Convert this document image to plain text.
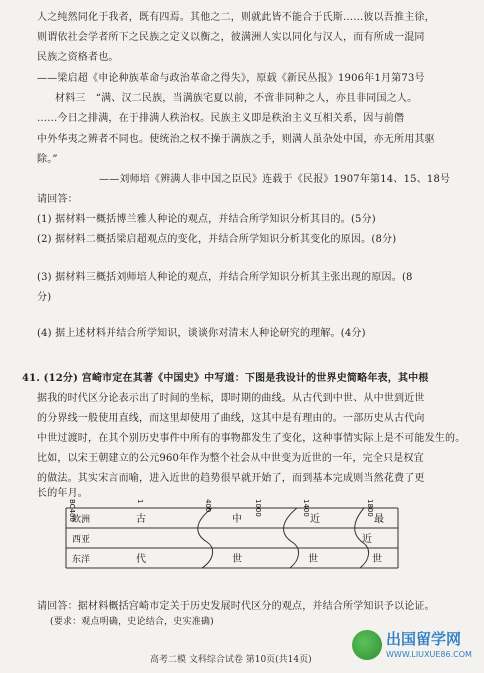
人之纯然同化于我者，既有四焉。其他之二，则就此皆不能合于氏斯……彼以吾推主徐，
则谓依社会学者所下之民族之定义以衡之，彼满洲人实以同化与汉人，而有所成一混同
民族之资格者也。
——梁启超《申论种族革命与政治革命之得失》，原载《新民丛报》1906年1月第73号
材料三　“满、汉二民族，当满族宅夏以前，不啻非同种之人，亦且非同国之人。
……今日之排满，在于排满人秩治权。民族主义即是秩治主义互相关系，因与前僭
中外华夷之辨者不同也。使统治之权不操于满族之手，则满人虽杂处中国，亦无所用其驱
除。”
——刘师培《辨满人非中国之臣民》连载于《民报》1907年第14、15、18号
请回答：
(1) 据材料一概括博兰雅人种论的观点，并结合所学知识分析其目的。(5分)
(2) 据材料二概括梁启超观点的变化，并结合所学知识分析其变化的原因。(8分)
(3) 据材料三概括刘师培人种论的观点，并结合所学知识分析其主张出现的原因。(8
分)
(4) 据上述材料并结合所学知识，谈谈你对清末人种论研究的理解。(4分)
41. (12分) 宫崎市定在其著《中国史》中写道：下图是我设计的世界史简略年表，其中根
据我的时代区分论表示出了时间的坐标，即时期的曲线。从古代到中世、从中世到近世
的分界线一般使用直线，而这里却使用了曲线，这其中是有理由的。一部历史从古代向
中世过渡时，在其个别历史事件中所有的事物都发生了变化，这种事情实际上是不可能发生的。
比如，以宋王朝建立的公元960年作为整个社会从中世变为近世的一年，完全只是权宜
的做法。其实宋言而喻，进入近世的趋势很早就开始了，而到基本完成则当然花费了更
长的年月。
BC400	1	400	1000	1400	1800
欧洲
西亚
东洋
古	中	近	最
近
代	世	世	世
请回答：据材料概括宫崎市定关于历史发展时代区分的观点，并结合所学知识予以论证。
(要求：观点明确，史论结合，史实准确)
高考二模 文科综合试卷 第10页(共14页)
出国留学网
WWW.LIUXUE86.COM
